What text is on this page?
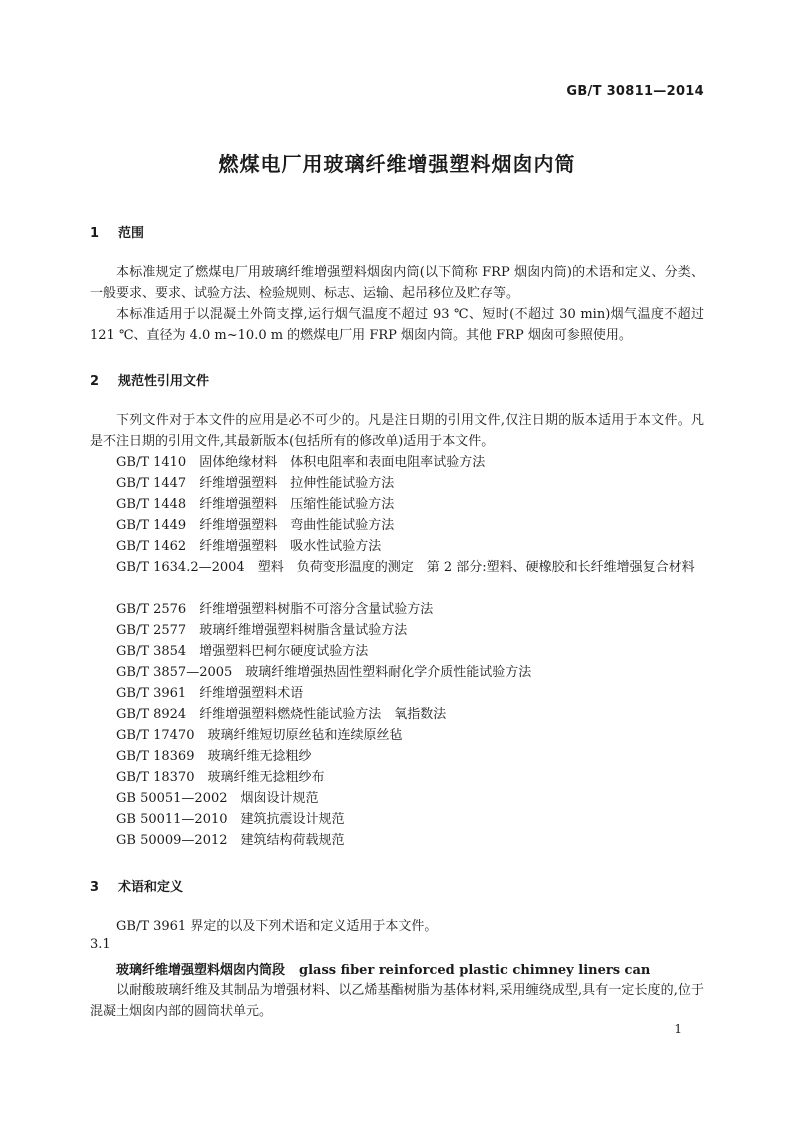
GB/T 30811—2014
燃煤电厂用玻璃纤维增强塑料烟囱内筒
1 范围
本标准规定了燃煤电厂用玻璃纤维增强塑料烟囱内筒(以下简称 FRP 烟囱内筒)的术语和定义、分类、一般要求、要求、试验方法、检验规则、标志、运输、起吊移位及贮存等。
本标准适用于以混凝土外筒支撑,运行烟气温度不超过 93 ℃、短时(不超过 30 min)烟气温度不超过 121 ℃、直径为 4.0 m~10.0 m 的燃煤电厂用 FRP 烟囱内筒。其他 FRP 烟囱可参照使用。
2 规范性引用文件
下列文件对于本文件的应用是必不可少的。凡是注日期的引用文件,仅注日期的版本适用于本文件。凡是不注日期的引用文件,其最新版本(包括所有的修改单)适用于本文件。
GB/T 1410　固体绝缘材料　体积电阻率和表面电阻率试验方法
GB/T 1447　纤维增强塑料　拉伸性能试验方法
GB/T 1448　纤维增强塑料　压缩性能试验方法
GB/T 1449　纤维增强塑料　弯曲性能试验方法
GB/T 1462　纤维增强塑料　吸水性试验方法
GB/T 1634.2—2004　塑料　负荷变形温度的测定　第 2 部分:塑料、硬橡胶和长纤维增强复合材料
GB/T 2576　纤维增强塑料树脂不可溶分含量试验方法
GB/T 2577　玻璃纤维增强塑料树脂含量试验方法
GB/T 3854　增强塑料巴柯尔硬度试验方法
GB/T 3857—2005　玻璃纤维增强热固性塑料耐化学介质性能试验方法
GB/T 3961　纤维增强塑料术语
GB/T 8924　纤维增强塑料燃烧性能试验方法　氧指数法
GB/T 17470　玻璃纤维短切原丝毡和连续原丝毡
GB/T 18369　玻璃纤维无捻粗纱
GB/T 18370　玻璃纤维无捻粗纱布
GB 50051—2002　烟囱设计规范
GB 50011—2010　建筑抗震设计规范
GB 50009—2012　建筑结构荷载规范
3 术语和定义
GB/T 3961 界定的以及下列术语和定义适用于本文件。
3.1
玻璃纤维增强塑料烟囱内筒段 glass fiber reinforced plastic chimney liners can
以耐酸玻璃纤维及其制品为增强材料、以乙烯基酯树脂为基体材料,采用缠绕成型,具有一定长度的,位于混凝土烟囱内部的圆筒状单元。
1
